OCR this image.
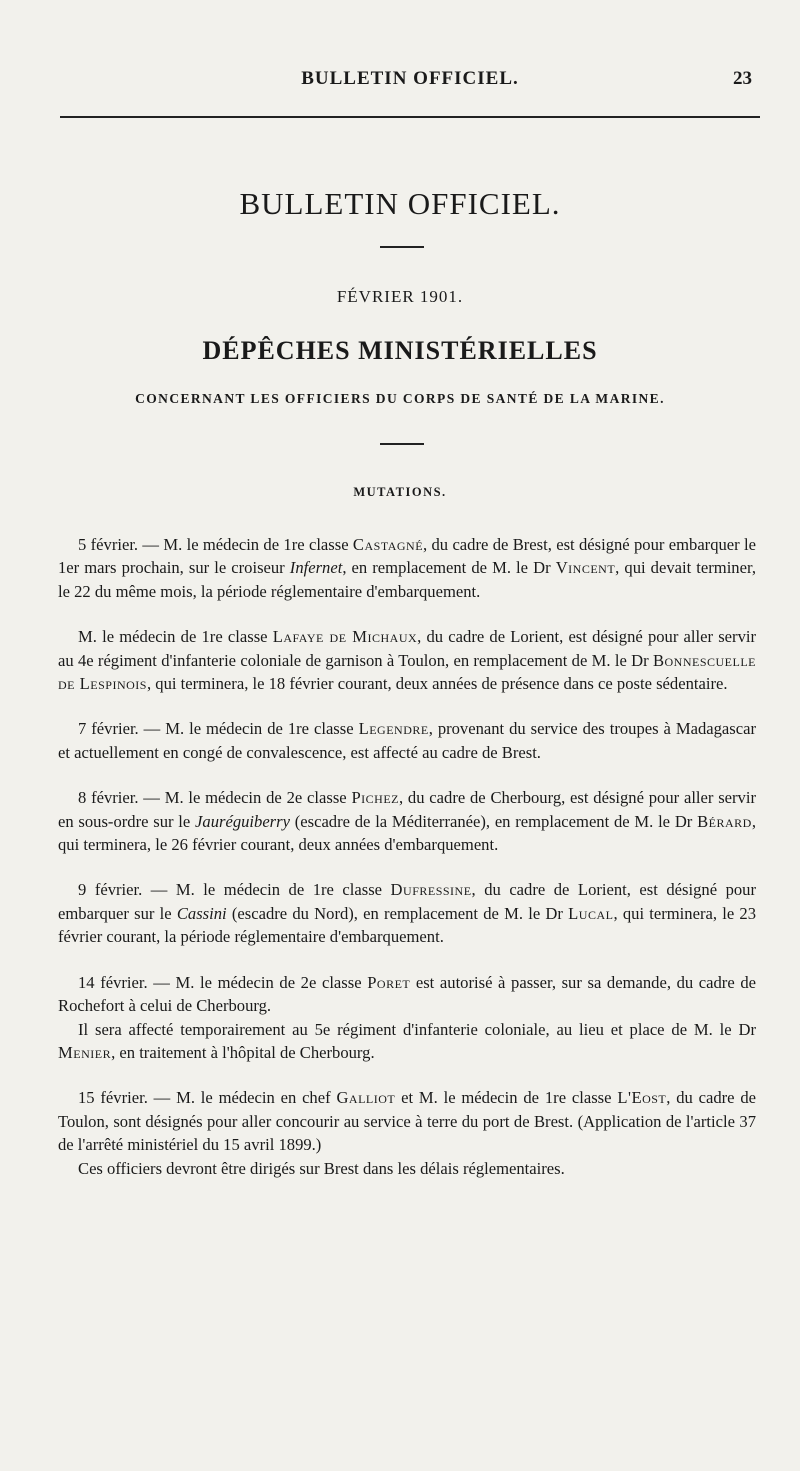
BULLETIN OFFICIEL.	23
BULLETIN OFFICIEL.
FÉVRIER 1901.
DÉPÊCHES MINISTÉRIELLES
CONCERNANT LES OFFICIERS DU CORPS DE SANTÉ DE LA MARINE.
MUTATIONS.

5 février. — M. le médecin de 1re classe Castagné, du cadre de Brest, est désigné pour embarquer le 1er mars prochain, sur le croiseur Infernet, en remplacement de M. le Dr Vincent, qui devait terminer, le 22 du même mois, la période réglementaire d'embarquement.

M. le médecin de 1re classe Lafaye de Michaux, du cadre de Lorient, est désigné pour aller servir au 4e régiment d'infanterie coloniale de garnison à Toulon, en remplacement de M. le Dr Bonnescuelle de Lespinois, qui terminera, le 18 février courant, deux années de présence dans ce poste sédentaire.

7 février. — M. le médecin de 1re classe Legendre, provenant du service des troupes à Madagascar et actuellement en congé de convalescence, est affecté au cadre de Brest.

8 février. — M. le médecin de 2e classe Pichez, du cadre de Cherbourg, est désigné pour aller servir en sous-ordre sur le Jauréguiberry (escadre de la Méditerranée), en remplacement de M. le Dr Bérard, qui terminera, le 26 février courant, deux années d'embarquement.

9 février. — M. le médecin de 1re classe Dufressine, du cadre de Lorient, est désigné pour embarquer sur le Cassini (escadre du Nord), en remplacement de M. le Dr Lucal, qui terminera, le 23 février courant, la période réglementaire d'embarquement.

14 février. — M. le médecin de 2e classe Poret est autorisé à passer, sur sa demande, du cadre de Rochefort à celui de Cherbourg.

Il sera affecté temporairement au 5e régiment d'infanterie coloniale, au lieu et place de M. le Dr Menier, en traitement à l'hôpital de Cherbourg.

15 février. — M. le médecin en chef Galliot et M. le médecin de 1re classe L'Eost, du cadre de Toulon, sont désignés pour aller concourir au service à terre du port de Brest. (Application de l'article 37 de l'arrêté ministériel du 15 avril 1899.)

Ces officiers devront être dirigés sur Brest dans les délais réglementaires.
